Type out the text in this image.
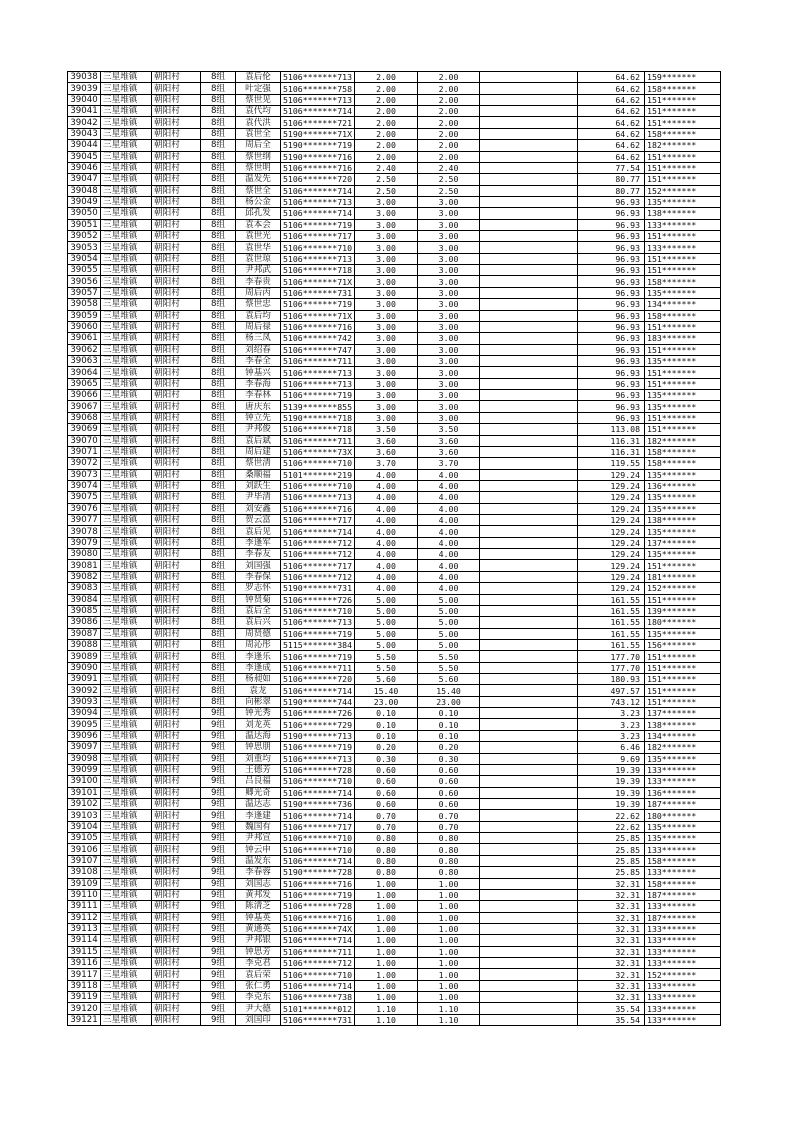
39038	三星堆镇	朝阳村	8组	袁后伦	5106*******713	2.00	2.00		64.62	159*******
39039	三星堆镇	朝阳村	8组	叶定强	5106*******758	2.00	2.00		64.62	158*******
39040	三星堆镇	朝阳村	8组	蔡世见	5106*******713	2.00	2.00		64.62	151*******
39041	三星堆镇	朝阳村	8组	袁代均	5106*******714	2.00	2.00		64.62	151*******
39042	三星堆镇	朝阳村	8组	袁代洪	5106*******721	2.00	2.00		64.62	151*******
39043	三星堆镇	朝阳村	8组	袁世全	5190*******71X	2.00	2.00		64.62	158*******
39044	三星堆镇	朝阳村	8组	周后全	5190*******719	2.00	2.00		64.62	182*******
39045	三星堆镇	朝阳村	8组	蔡世纲	5190*******716	2.00	2.00		64.62	151*******
39046	三星堆镇	朝阳村	8组	蔡世明	5106*******716	2.40	2.40		77.54	151*******
39047	三星堆镇	朝阳村	8组	温发先	5106*******720	2.50	2.50		80.77	151*******
39048	三星堆镇	朝阳村	8组	蔡世全	5106*******714	2.50	2.50		80.77	152*******
39049	三星堆镇	朝阳村	8组	杨公金	5106*******713	3.00	3.00		96.93	135*******
39050	三星堆镇	朝阳村	8组	邱孔发	5106*******714	3.00	3.00		96.93	138*******
39051	三星堆镇	朝阳村	8组	袁本会	5106*******719	3.00	3.00		96.93	133*******
39052	三星堆镇	朝阳村	8组	袁世光	5106*******717	3.00	3.00		96.93	151*******
39053	三星堆镇	朝阳村	8组	袁世华	5106*******710	3.00	3.00		96.93	133*******
39054	三星堆镇	朝阳村	8组	袁世琼	5106*******713	3.00	3.00		96.93	151*******
39055	三星堆镇	朝阳村	8组	尹邦武	5106*******718	3.00	3.00		96.93	151*******
39056	三星堆镇	朝阳村	8组	李春贵	5106*******71X	3.00	3.00		96.93	158*******
39057	三星堆镇	朝阳村	8组	周后丙	5106*******731	3.00	3.00		96.93	135*******
39058	三星堆镇	朝阳村	8组	蔡世忠	5106*******719	3.00	3.00		96.93	134*******
39059	三星堆镇	朝阳村	8组	袁后均	5106*******71X	3.00	3.00		96.93	158*******
39060	三星堆镇	朝阳村	8组	周后禄	5106*******716	3.00	3.00		96.93	151*******
39061	三星堆镇	朝阳村	8组	杨三凤	5106*******742	3.00	3.00		96.93	183*******
39062	三星堆镇	朝阳村	8组	刘绍春	5106*******747	3.00	3.00		96.93	151*******
39063	三星堆镇	朝阳村	8组	李春全	5106*******711	3.00	3.00		96.93	135*******
39064	三星堆镇	朝阳村	8组	钟基兴	5106*******713	3.00	3.00		96.93	151*******
39065	三星堆镇	朝阳村	8组	李春海	5106*******713	3.00	3.00		96.93	151*******
39066	三星堆镇	朝阳村	8组	李春林	5106*******719	3.00	3.00		96.93	135*******
39067	三星堆镇	朝阳村	8组	唐庆东	5139*******855	3.00	3.00		96.93	135*******
39068	三星堆镇	朝阳村	8组	钟立先	5190*******718	3.00	3.00		96.93	151*******
39069	三星堆镇	朝阳村	8组	尹邦俊	5106*******718	3.50	3.50		113.08	151*******
39070	三星堆镇	朝阳村	8组	袁后斌	5106*******711	3.60	3.60		116.31	182*******
39071	三星堆镇	朝阳村	8组	周后建	5106*******73X	3.60	3.60		116.31	158*******
39072	三星堆镇	朝阳村	8组	蔡世清	5106*******710	3.70	3.70		119.55	158*******
39073	三星堆镇	朝阳村	8组	桑顺福	5101*******219	4.00	4.00		129.24	135*******
39074	三星堆镇	朝阳村	8组	刘跃生	5106*******710	4.00	4.00		129.24	136*******
39075	三星堆镇	朝阳村	8组	尹毕清	5106*******713	4.00	4.00		129.24	135*******
39076	三星堆镇	朝阳村	8组	刘安鑫	5106*******716	4.00	4.00		129.24	135*******
39077	三星堆镇	朝阳村	8组	贺云富	5106*******717	4.00	4.00		129.24	138*******
39078	三星堆镇	朝阳村	8组	袁后见	5106*******714	4.00	4.00		129.24	135*******
39079	三星堆镇	朝阳村	8组	李逢军	5106*******712	4.00	4.00		129.24	137*******
39080	三星堆镇	朝阳村	8组	李春友	5106*******712	4.00	4.00		129.24	135*******
39081	三星堆镇	朝阳村	8组	刘国强	5106*******717	4.00	4.00		129.24	151*******
39082	三星堆镇	朝阳村	8组	李春保	5106*******712	4.00	4.00		129.24	181*******
39083	三星堆镇	朝阳村	8组	罗志怀	5190*******731	4.00	4.00		129.24	152*******
39084	三星堆镇	朝阳村	8组	钟贤菊	5106*******726	5.00	5.00		161.55	151*******
39085	三星堆镇	朝阳村	8组	袁后全	5106*******710	5.00	5.00		161.55	139*******
39086	三星堆镇	朝阳村	8组	袁后兴	5106*******713	5.00	5.00		161.55	180*******
39087	三星堆镇	朝阳村	8组	周贤德	5106*******719	5.00	5.00		161.55	135*******
39088	三星堆镇	朝阳村	8组	周沁彤	5115*******384	5.00	5.00		161.55	156*******
39089	三星堆镇	朝阳村	8组	李逢乐	5106*******719	5.50	5.50		177.70	151*******
39090	三星堆镇	朝阳村	8组	李逢成	5106*******711	5.50	5.50		177.70	151*******
39091	三星堆镇	朝阳村	8组	杨昶如	5106*******720	5.60	5.60		180.93	151*******
39092	三星堆镇	朝阳村	8组	袁龙	5106*******714	15.40	15.40		497.57	151*******
39093	三星堆镇	朝阳村	8组	向彬翠	5190*******744	23.00	23.00		743.12	151*******
39094	三星堆镇	朝阳村	9组	钟光秀	5106*******726	0.10	0.10		3.23	137*******
39095	三星堆镇	朝阳村	9组	刘龙英	5106*******729	0.10	0.10		3.23	138*******
39096	三星堆镇	朝阳村	9组	温达海	5190*******713	0.10	0.10		3.23	134*******
39097	三星堆镇	朝阳村	9组	钟思朋	5106*******719	0.20	0.20		6.46	182*******
39098	三星堆镇	朝阳村	9组	刘重均	5106*******713	0.30	0.30		9.69	135*******
39099	三星堆镇	朝阳村	9组	王德芳	5106*******728	0.60	0.60		19.39	133*******
39100	三星堆镇	朝阳村	9组	吕良福	5106*******710	0.60	0.60		19.39	133*******
39101	三星堆镇	朝阳村	9组	卿光奇	5106*******714	0.60	0.60		19.39	136*******
39102	三星堆镇	朝阳村	9组	温达志	5190*******736	0.60	0.60		19.39	187*******
39103	三星堆镇	朝阳村	9组	李逢建	5106*******714	0.70	0.70		22.62	180*******
39104	三星堆镇	朝阳村	9组	魏国有	5106*******717	0.70	0.70		22.62	135*******
39105	三星堆镇	朝阳村	9组	尹邦宣	5106*******710	0.80	0.80		25.85	135*******
39106	三星堆镇	朝阳村	9组	钟云申	5106*******710	0.80	0.80		25.85	133*******
39107	三星堆镇	朝阳村	9组	温发东	5106*******714	0.80	0.80		25.85	158*******
39108	三星堆镇	朝阳村	9组	李春蓉	5190*******728	0.80	0.80		25.85	133*******
39109	三星堆镇	朝阳村	9组	刘国志	5106*******716	1.00	1.00		32.31	158*******
39110	三星堆镇	朝阳村	9组	黄邦发	5106*******719	1.00	1.00		32.31	187*******
39111	三星堆镇	朝阳村	9组	陈清芝	5106*******728	1.00	1.00		32.31	133*******
39112	三星堆镇	朝阳村	9组	钟基英	5106*******716	1.00	1.00		32.31	187*******
39113	三星堆镇	朝阳村	9组	黄通英	5106*******74X	1.00	1.00		32.31	133*******
39114	三星堆镇	朝阳村	9组	尹邦银	5106*******714	1.00	1.00		32.31	133*******
39115	三星堆镇	朝阳村	9组	钟思芳	5106*******711	1.00	1.00		32.31	133*******
39116	三星堆镇	朝阳村	9组	李克君	5106*******712	1.00	1.00		32.31	133*******
39117	三星堆镇	朝阳村	9组	袁后荣	5106*******710	1.00	1.00		32.31	152*******
39118	三星堆镇	朝阳村	9组	张仁勇	5106*******714	1.00	1.00		32.31	133*******
39119	三星堆镇	朝阳村	9组	李克东	5106*******738	1.00	1.00		32.31	133*******
39120	三星堆镇	朝阳村	9组	尹大德	5101*******012	1.10	1.10		35.54	133*******
39121	三星堆镇	朝阳村	9组	刘国印	5106*******731	1.10	1.10		35.54	133*******
